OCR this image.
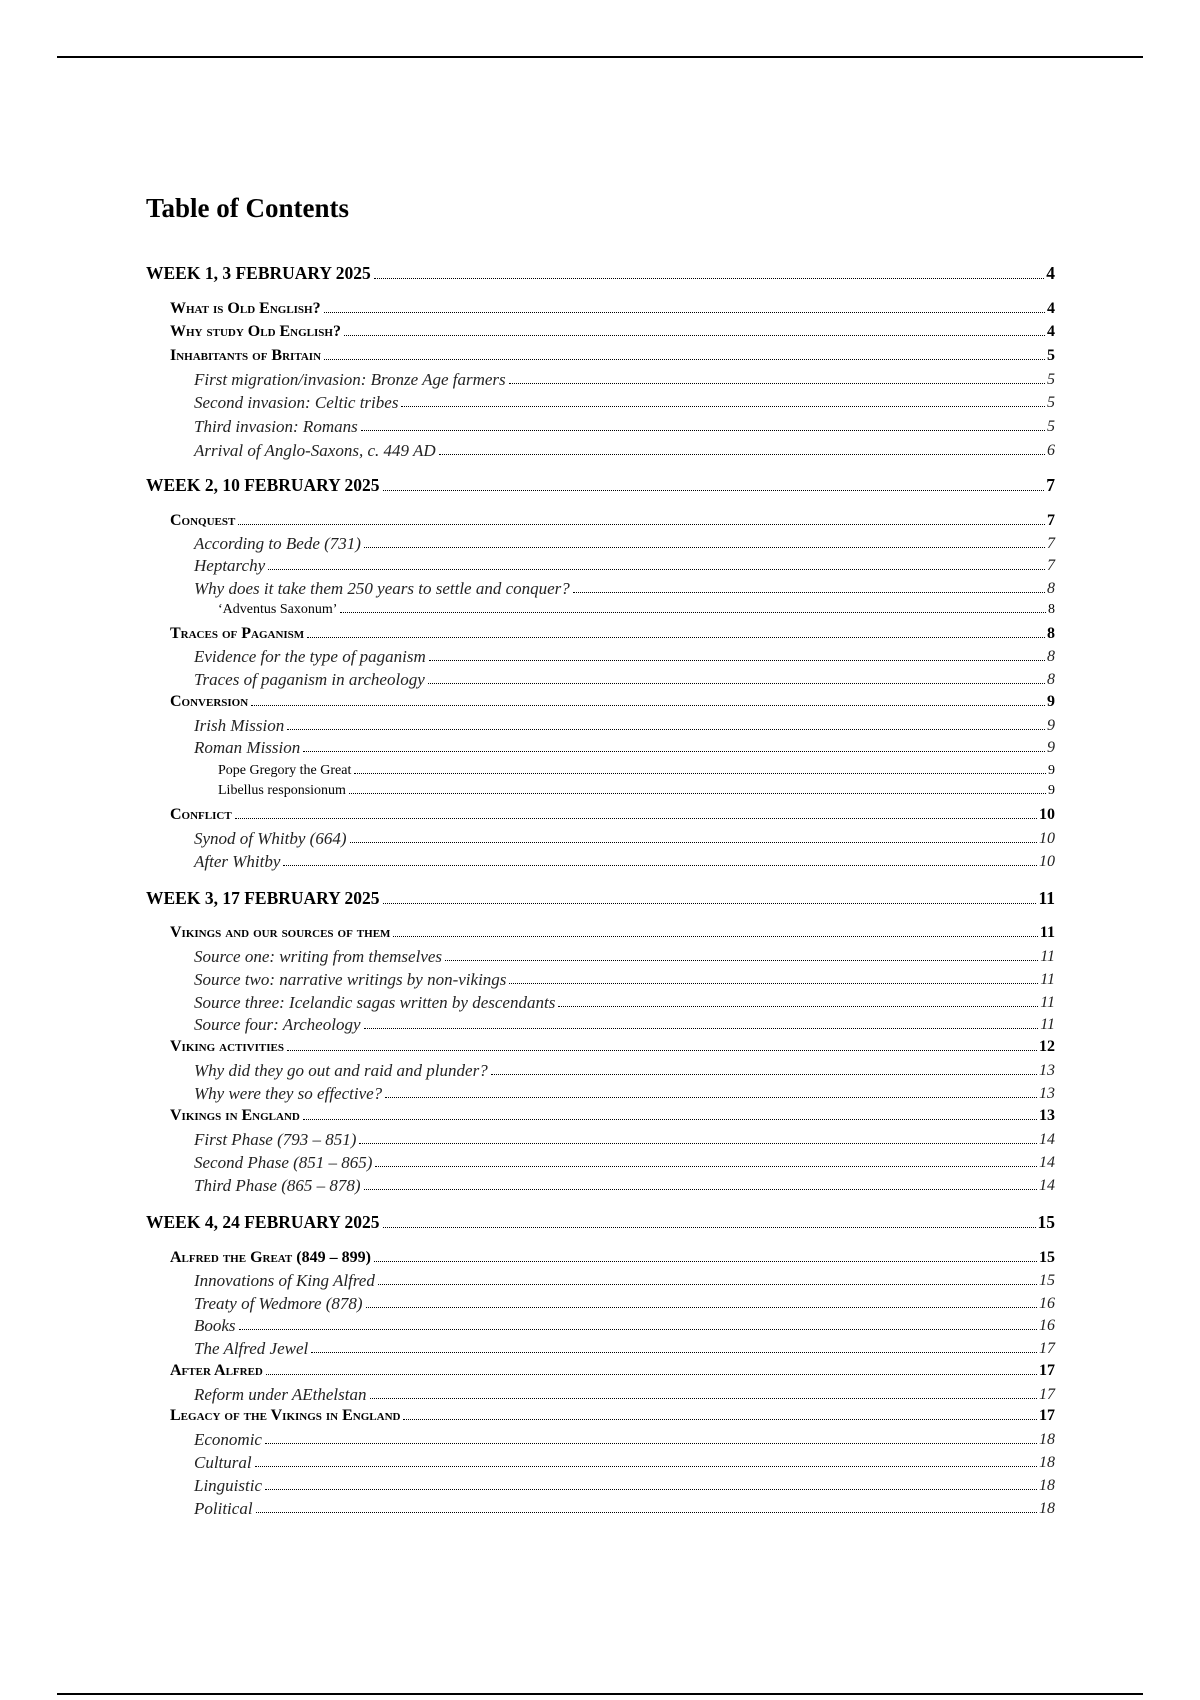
Table of Contents
WEEK 1, 3 FEBRUARY 2025	4
What is Old English?	4
Why study Old English?	4
Inhabitants of Britain	5
First migration/invasion: Bronze Age farmers	5
Second invasion: Celtic tribes	5
Third invasion: Romans	5
Arrival of Anglo-Saxons, c. 449 AD	6
WEEK 2, 10 FEBRUARY 2025	7
Conquest	7
According to Bede (731)	7
Heptarchy	7
Why does it take them 250 years to settle and conquer?	8
‘Adventus Saxonum’	8
Traces of Paganism	8
Evidence for the type of paganism	8
Traces of paganism in archeology	8
Conversion	9
Irish Mission	9
Roman Mission	9
Pope Gregory the Great	9
Libellus responsionum	9
Conflict	10
Synod of Whitby (664)	10
After Whitby	10
WEEK 3, 17 FEBRUARY 2025	11
Vikings and our sources of them	11
Source one: writing from themselves	11
Source two: narrative writings by non-vikings	11
Source three: Icelandic sagas written by descendants	11
Source four: Archeology	11
Viking activities	12
Why did they go out and raid and plunder?	13
Why were they so effective?	13
Vikings in England	13
First Phase (793 – 851)	14
Second Phase (851 – 865)	14
Third Phase (865 – 878)	14
WEEK 4, 24 FEBRUARY 2025	15
Alfred the Great (849 – 899)	15
Innovations of King Alfred	15
Treaty of Wedmore (878)	16
Books	16
The Alfred Jewel	17
After Alfred	17
Reform under AEthelstan	17
Legacy of the Vikings in England	17
Economic	18
Cultural	18
Linguistic	18
Political	18
